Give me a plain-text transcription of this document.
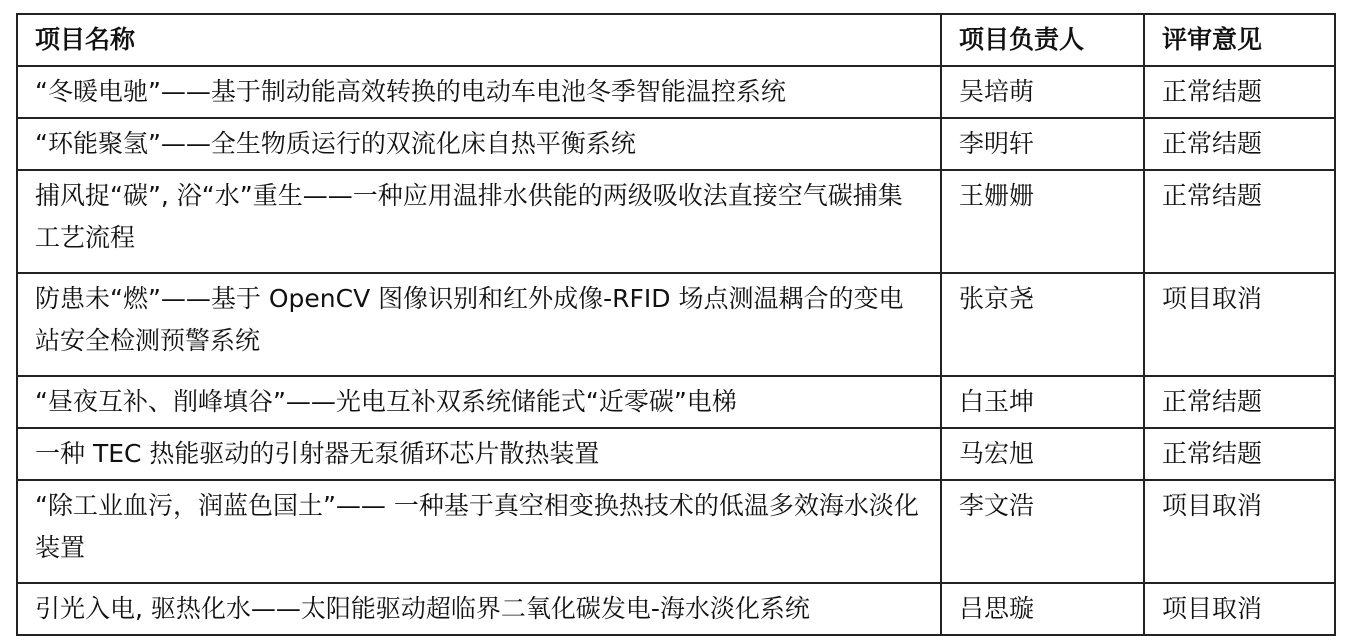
项目名称	项目负责人	评审意见
“冬暖电驰”——基于制动能高效转换的电动车电池冬季智能温控系统	吴培萌	正常结题
“环能聚氢”——全生物质运行的双流化床自热平衡系统	李明轩	正常结题
捕风捉“碳”, 浴“水”重生——一种应用温排水供能的两级吸收法直接空气碳捕集工艺流程	王姗姗	正常结题
防患未“燃”——基于 OpenCV 图像识别和红外成像-RFID 场点测温耦合的变电站安全检测预警系统	张京尧	项目取消
“昼夜互补、削峰填谷”——光电互补双系统储能式“近零碳”电梯	白玉坤	正常结题
一种 TEC 热能驱动的引射器无泵循环芯片散热装置	马宏旭	正常结题
“除工业血污，润蓝色国土”—— 一种基于真空相变换热技术的低温多效海水淡化装置	李文浩	项目取消
引光入电, 驱热化水——太阳能驱动超临界二氧化碳发电-海水淡化系统	吕思璇	项目取消
